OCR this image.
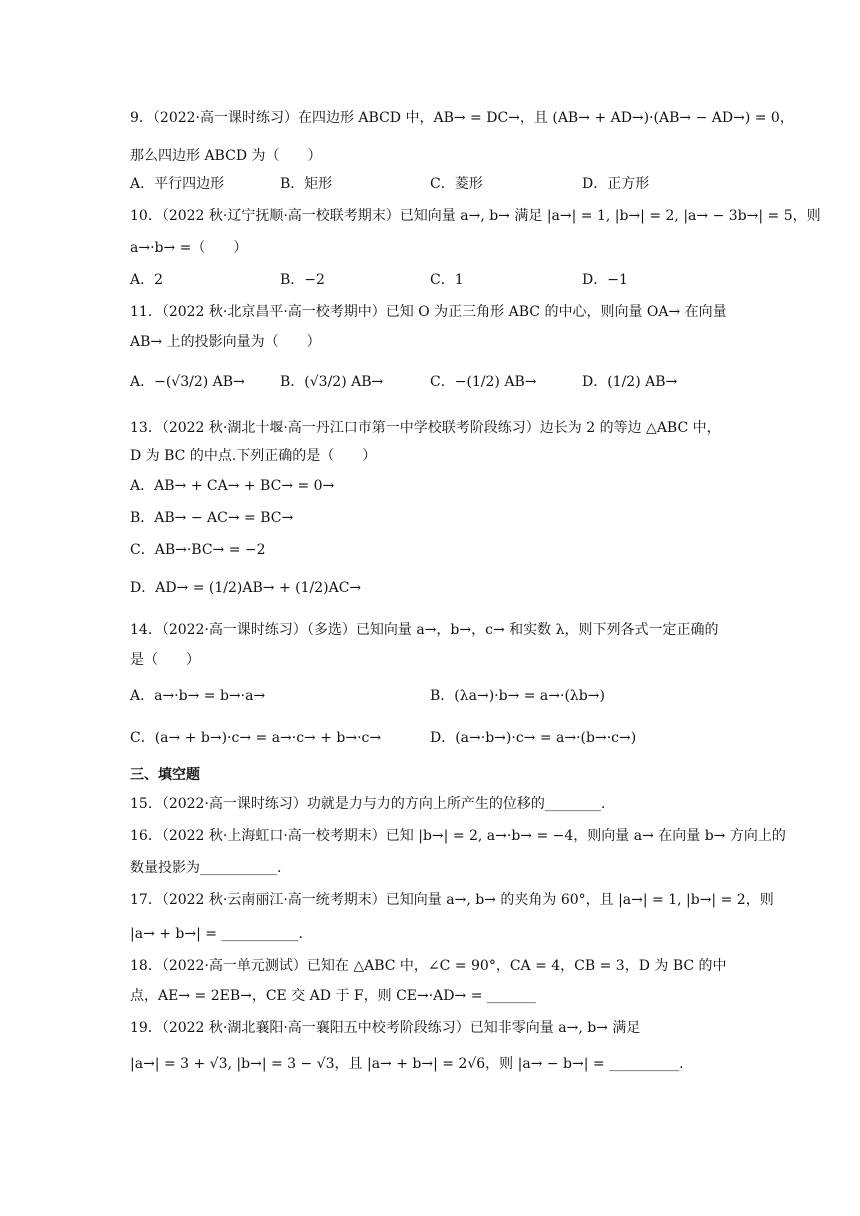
9．（2022·高一课时练习）在四边形 ABCD 中，AB→ = DC→，且 (AB→ + AD→)·(AB→ − AD→) = 0，
那么四边形 ABCD 为（　　）
A．平行四边形	B．矩形	C．菱形	D．正方形
10．（2022 秋·辽宁抚顺·高一校联考期末）已知向量 a→, b→ 满足 |a→| = 1, |b→| = 2, |a→ − 3b→| = 5，则
a→·b→ =（　　）
A．2	B．−2	C．1	D．−1
11．（2022 秋·北京昌平·高一校考期中）已知 O 为正三角形 ABC 的中心，则向量 OA→ 在向量
AB→ 上的投影向量为（　　）
A．−(√3/2) AB→	B．(√3/2) AB→	C．−(1/2) AB→	D．(1/2) AB→
13．（2022 秋·湖北十堰·高一丹江口市第一中学校联考阶段练习）边长为 2 的等边 △ABC 中，
D 为 BC 的中点.下列正确的是（　　）
A．AB→ + CA→ + BC→ = 0→
B．AB→ − AC→ = BC→
C．AB→·BC→ = −2
D．AD→ = (1/2)AB→ + (1/2)AC→
14．（2022·高一课时练习）（多选）已知向量 a→，b→，c→ 和实数 λ，则下列各式一定正确的
是（　　）
A．a→·b→ = b→·a→	B．(λa→)·b→ = a→·(λb→)
C．(a→ + b→)·c→ = a→·c→ + b→·c→	D．(a→·b→)·c→ = a→·(b→·c→)
三、填空题
15．（2022·高一课时练习）功就是力与力的方向上所产生的位移的________.
16．（2022 秋·上海虹口·高一校考期末）已知 |b→| = 2, a→·b→ = −4，则向量 a→ 在向量 b→ 方向上的
数量投影为___________.
17．（2022 秋·云南丽江·高一统考期末）已知向量 a→, b→ 的夹角为 60°，且 |a→| = 1, |b→| = 2，则
|a→ + b→| = ___________.
18．（2022·高一单元测试）已知在 △ABC 中，∠C = 90°，CA = 4，CB = 3，D 为 BC 的中
点，AE→ = 2EB→，CE 交 AD 于 F，则 CE→·AD→ = _______
19．（2022 秋·湖北襄阳·高一襄阳五中校考阶段练习）已知非零向量 a→, b→ 满足
|a→| = 3 + √3, |b→| = 3 − √3，且 |a→ + b→| = 2√6，则 |a→ − b→| = __________.
